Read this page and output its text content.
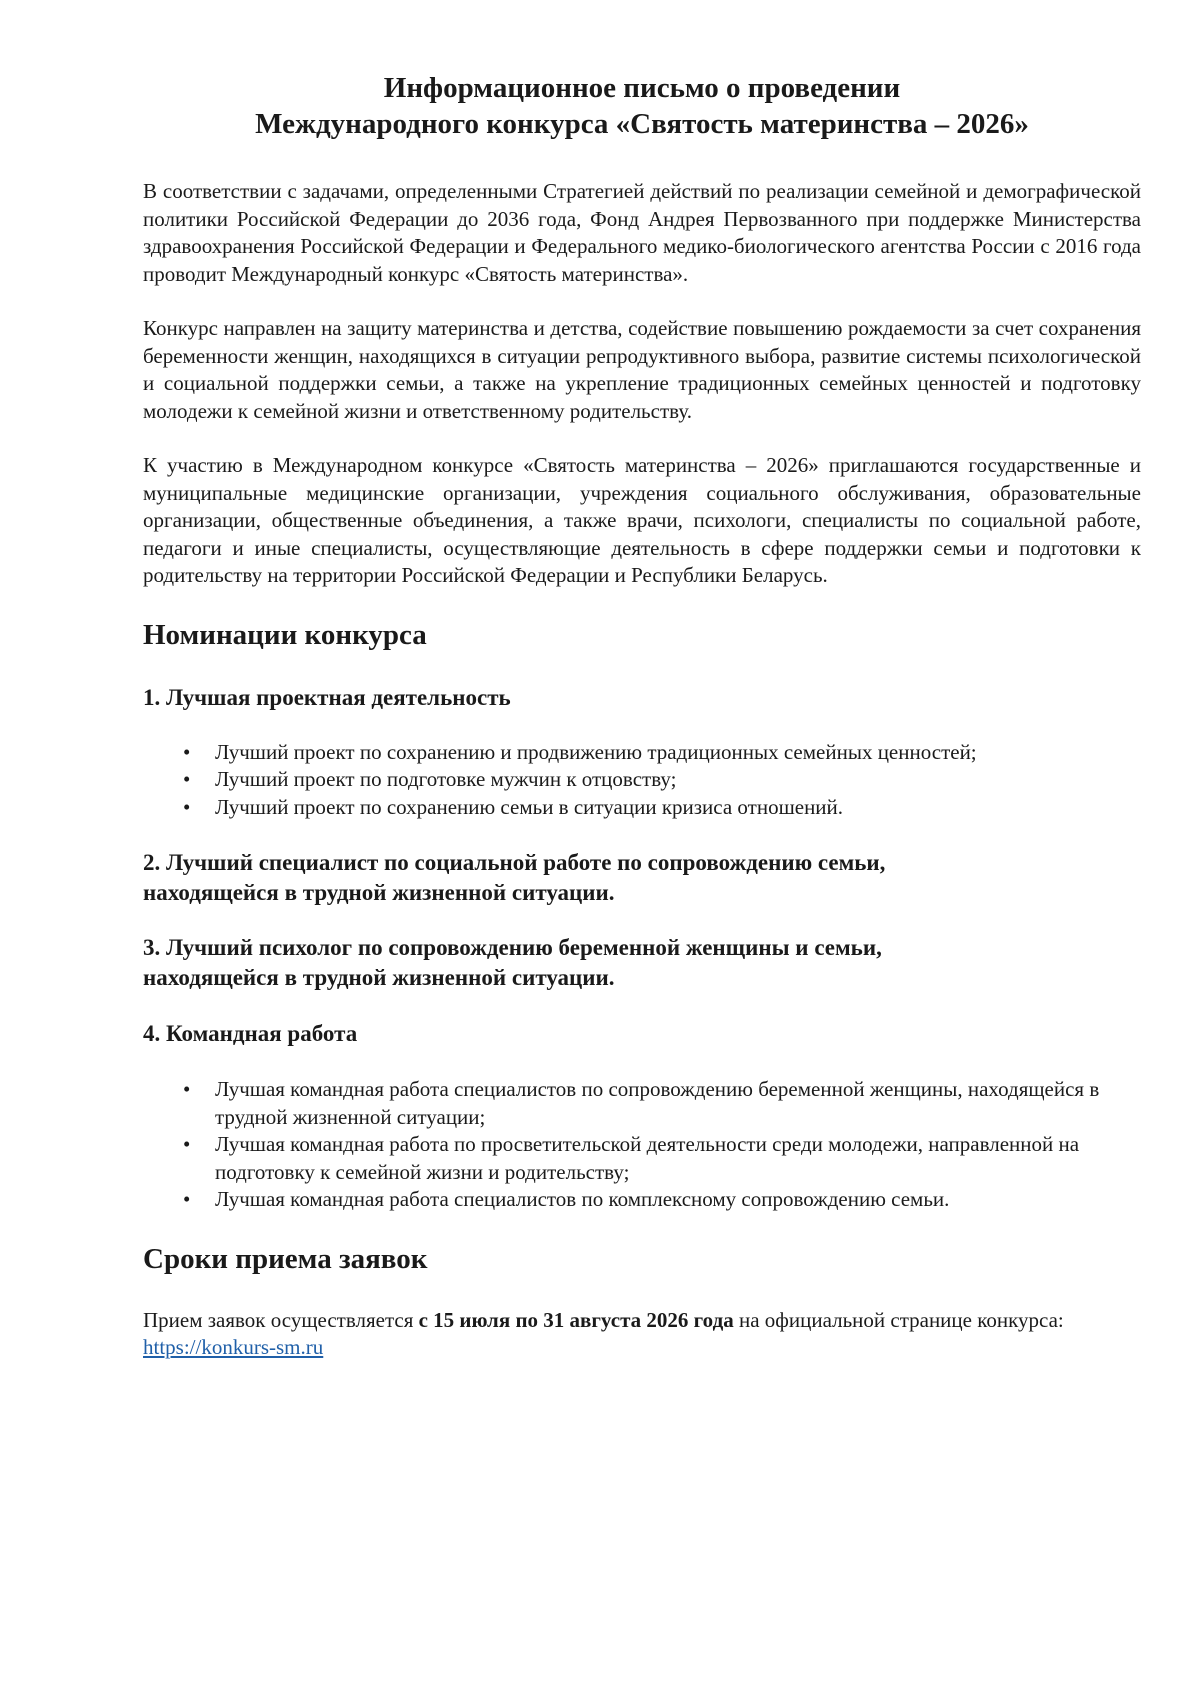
Информационное письмо о проведении
Международного конкурса «Святость материнства – 2026»

В соответствии с задачами, определенными Стратегией действий по реализации семейной и демографической политики Российской Федерации до 2036 года, Фонд Андрея Первозванного при поддержке Министерства здравоохранения Российской Федерации и Федерального медико-биологического агентства России с 2016 года проводит Международный конкурс «Святость материнства».

Конкурс направлен на защиту материнства и детства, содействие повышению рождаемости за счет сохранения беременности женщин, находящихся в ситуации репродуктивного выбора, развитие системы психологической и социальной поддержки семьи, а также на укрепление традиционных семейных ценностей и подготовку молодежи к семейной жизни и ответственному родительству.

К участию в Международном конкурсе «Святость материнства – 2026» приглашаются государственные и муниципальные медицинские организации, учреждения социального обслуживания, образовательные организации, общественные объединения, а также врачи, психологи, специалисты по социальной работе, педагоги и иные специалисты, осуществляющие деятельность в сфере поддержки семьи и подготовки к родительству на территории Российской Федерации и Республики Беларусь.

Номинации конкурса
1. Лучшая проектная деятельность
• Лучший проект по сохранению и продвижению традиционных семейных ценностей;
• Лучший проект по подготовке мужчин к отцовству;
• Лучший проект по сохранению семьи в ситуации кризиса отношений.
2. Лучший специалист по социальной работе по сопровождению семьи,
находящейся в трудной жизненной ситуации.
3. Лучший психолог по сопровождению беременной женщины и семьи,
находящейся в трудной жизненной ситуации.
4. Командная работа
• Лучшая командная работа специалистов по сопровождению беременной женщины, находящейся в трудной жизненной ситуации;
• Лучшая командная работа по просветительской деятельности среди молодежи, направленной на подготовку к семейной жизни и родительству;
• Лучшая командная работа специалистов по комплексному сопровождению семьи.
Сроки приема заявок

Прием заявок осуществляется с 15 июля по 31 августа 2026 года на официальной странице конкурса: https://konkurs-sm.ru
